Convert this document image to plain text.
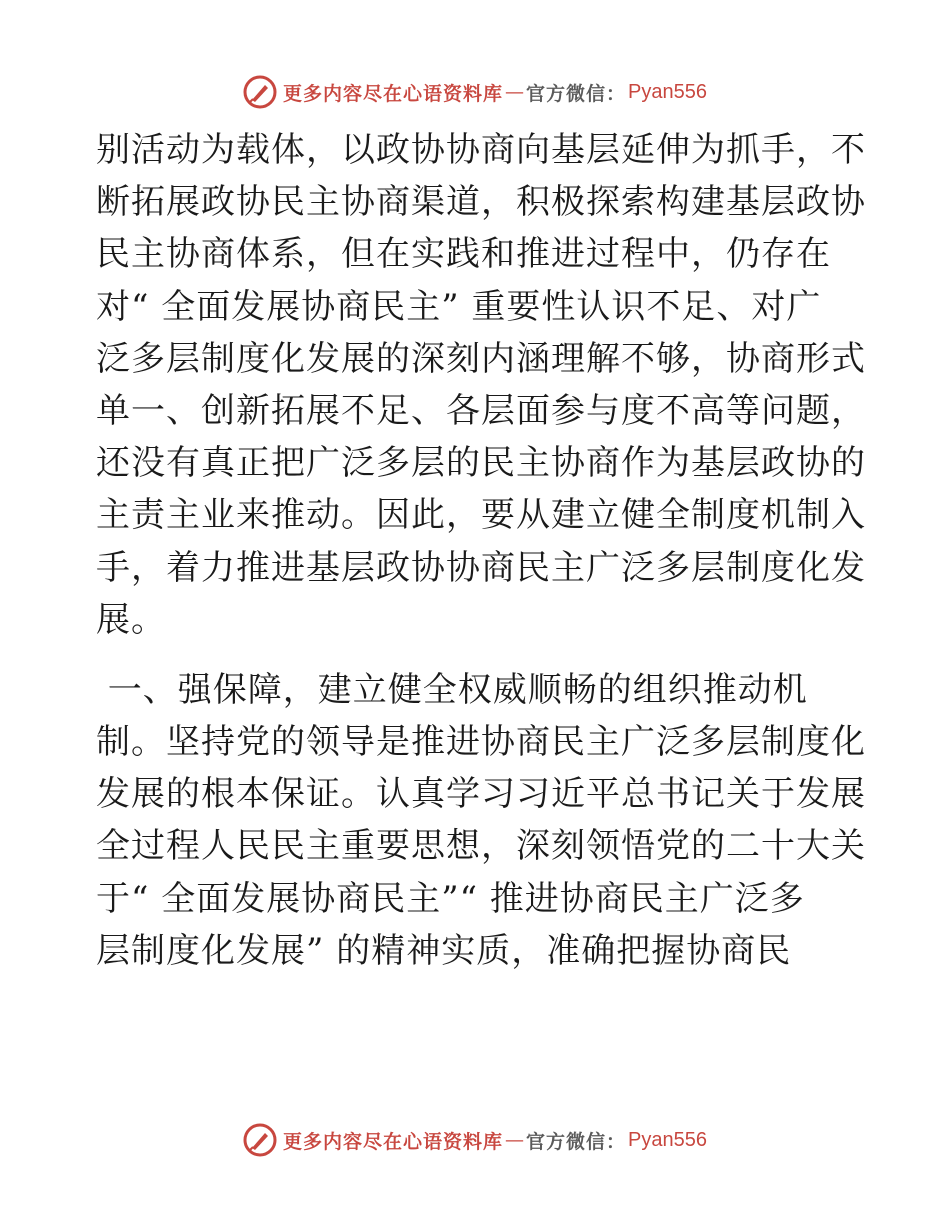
更多内容尽在心语资料库 — 官方微信： Pyan556
别活动为载体，以政协协商向基层延伸为抓手，不
断拓展政协民主协商渠道，积极探索构建基层政协
民主协商体系，但在实践和推进过程中，仍存在
对“ 全面发展协商民主” 重要性认识不足、对广
泛多层制度化发展的深刻内涵理解不够，协商形式
单一、创新拓展不足、各层面参与度不高等问题，
还没有真正把广泛多层的民主协商作为基层政协的
主责主业来推动。因此，要从建立健全制度机制入
手，着力推进基层政协协商民主广泛多层制度化发
展。
一、强保障，建立健全权威顺畅的组织推动机
制。坚持党的领导是推进协商民主广泛多层制度化
发展的根本保证。认真学习习近平总书记关于发展
全过程人民民主重要思想，深刻领悟党的二十大关
于“ 全面发展协商民主”“ 推进协商民主广泛多
层制度化发展” 的精神实质，准确把握协商民
更多内容尽在心语资料库 — 官方微信： Pyan556
